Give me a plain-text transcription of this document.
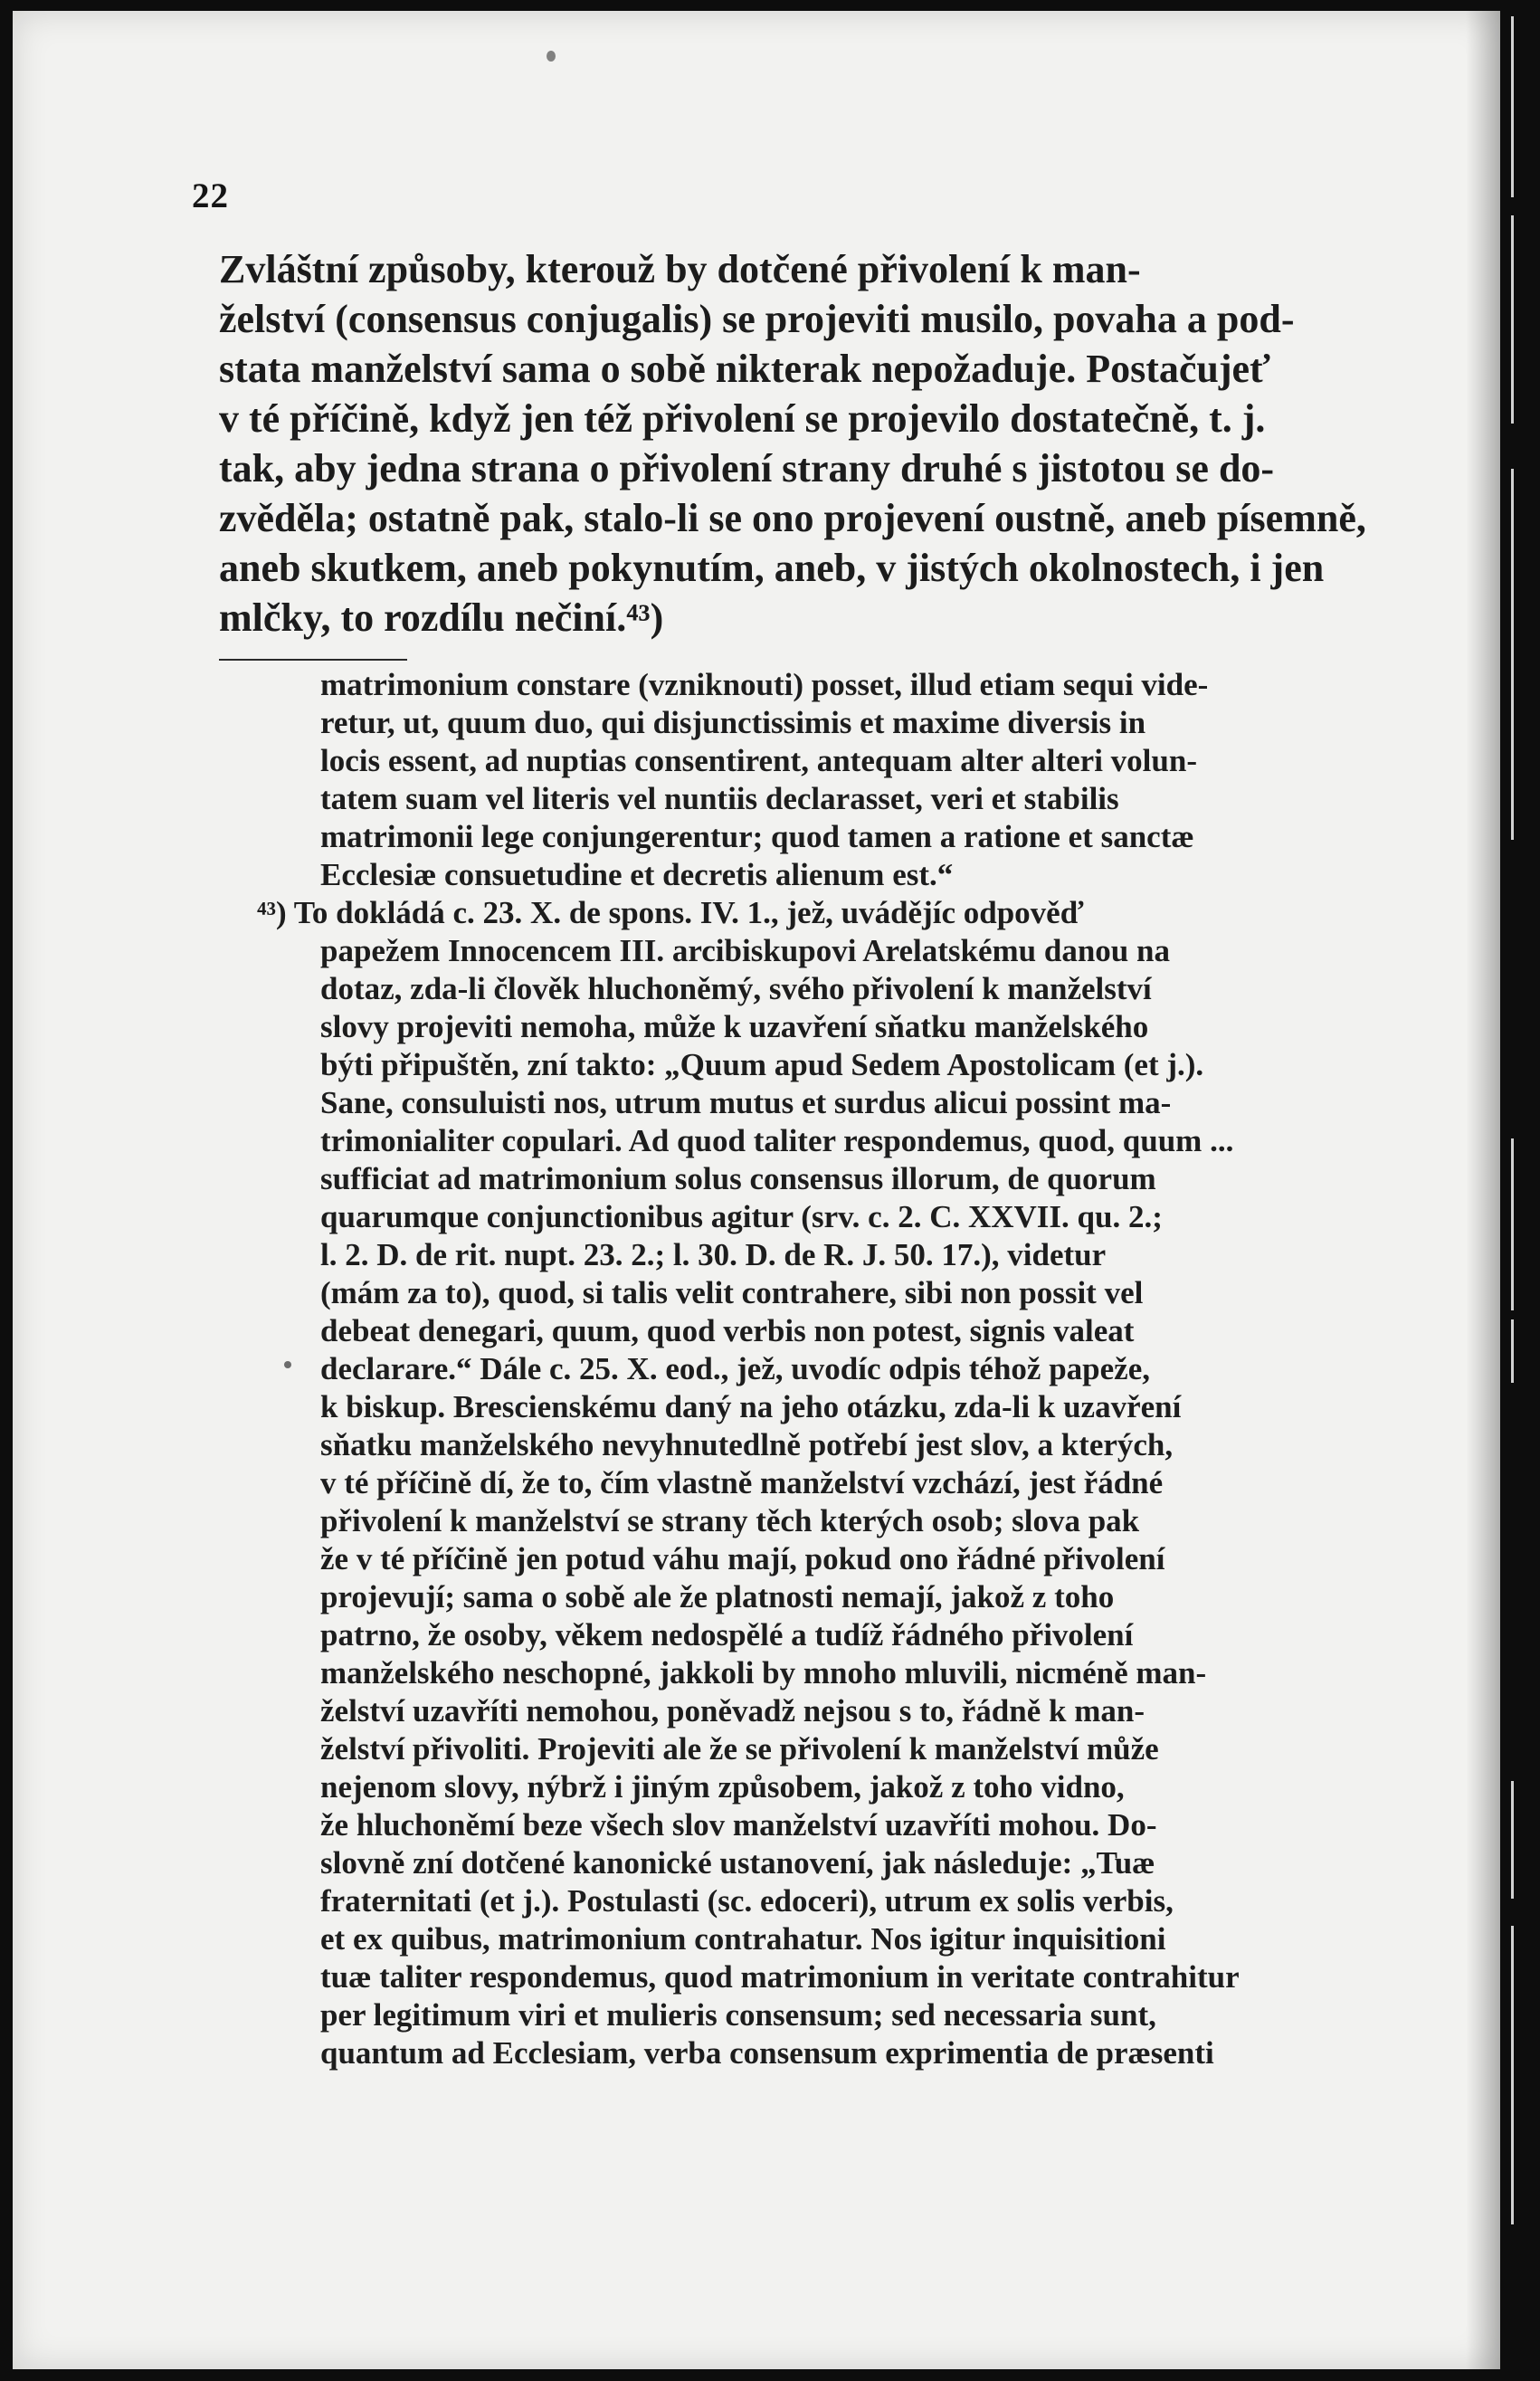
22
Zvláštní způsoby, kterouž by dotčené přivolení k man-
želství (consensus conjugalis) se projeviti musilo, povaha a pod-
stata manželství sama o sobě nikterak nepožaduje. Postačujeť
v té příčině, když jen též přivolení se projevilo dostatečně, t. j.
tak, aby jedna strana o přivolení strany druhé s jistotou se do-
zvěděla; ostatně pak, stalo-li se ono projevení oustně, aneb písemně,
aneb skutkem, aneb pokynutím, aneb, v jistých okolnostech, i jen
mlčky, to rozdílu nečiní.⁴³)
matrimonium constare (vzniknouti) posset, illud etiam sequi vide-
retur, ut, quum duo, qui disjunctissimis et maxime diversis in
locis essent, ad nuptias consentirent, antequam alter alteri volun-
tatem suam vel literis vel nuntiis declarasset, veri et stabilis
matrimonii lege conjungerentur; quod tamen a ratione et sanctæ
Ecclesiæ consuetudine et decretis alienum est.“
⁴³) To dokládá c. 23. X. de spons. IV. 1., jež, uvádějíc odpověď
papežem Innocencem III. arcibiskupovi Arelatskému danou na
dotaz, zda-li člověk hluchoněmý, svého přivolení k manželství
slovy projeviti nemoha, může k uzavření sňatku manželského
býti připuštěn, zní takto: „Quum apud Sedem Apostolicam (et j.).
Sane, consuluisti nos, utrum mutus et surdus alicui possint ma-
trimonialiter copulari. Ad quod taliter respondemus, quod, quum ...
sufficiat ad matrimonium solus consensus illorum, de quorum
quarumque conjunctionibus agitur (srv. c. 2. C. XXVII. qu. 2.;
l. 2. D. de rit. nupt. 23. 2.; l. 30. D. de R. J. 50. 17.), videtur
(mám za to), quod, si talis velit contrahere, sibi non possit vel
debeat denegari, quum, quod verbis non potest, signis valeat
declarare.“ Dále c. 25. X. eod., jež, uvodíc odpis téhož papeže,
k biskup. Brescienskému daný na jeho otázku, zda-li k uzavření
sňatku manželského nevyhnutedlně potřebí jest slov, a kterých,
v té příčině dí, že to, čím vlastně manželství vzchází, jest řádné
přivolení k manželství se strany těch kterých osob; slova pak
že v té příčině jen potud váhu mají, pokud ono řádné přivolení
projevují; sama o sobě ale že platnosti nemají, jakož z toho
patrno, že osoby, věkem nedospělé a tudíž řádného přivolení
manželského neschopné, jakkoli by mnoho mluvili, nicméně man-
želství uzavříti nemohou, poněvadž nejsou s to, řádně k man-
želství přivoliti. Projeviti ale že se přivolení k manželství může
nejenom slovy, nýbrž i jiným způsobem, jakož z toho vidno,
že hluchoněmí beze všech slov manželství uzavříti mohou. Do-
slovně zní dotčené kanonické ustanovení, jak následuje: „Tuæ
fraternitati (et j.). Postulasti (sc. edoceri), utrum ex solis verbis,
et ex quibus, matrimonium contrahatur. Nos igitur inquisitioni
tuæ taliter respondemus, quod matrimonium in veritate contrahitur
per legitimum viri et mulieris consensum; sed necessaria sunt,
quantum ad Ecclesiam, verba consensum exprimentia de præsenti
